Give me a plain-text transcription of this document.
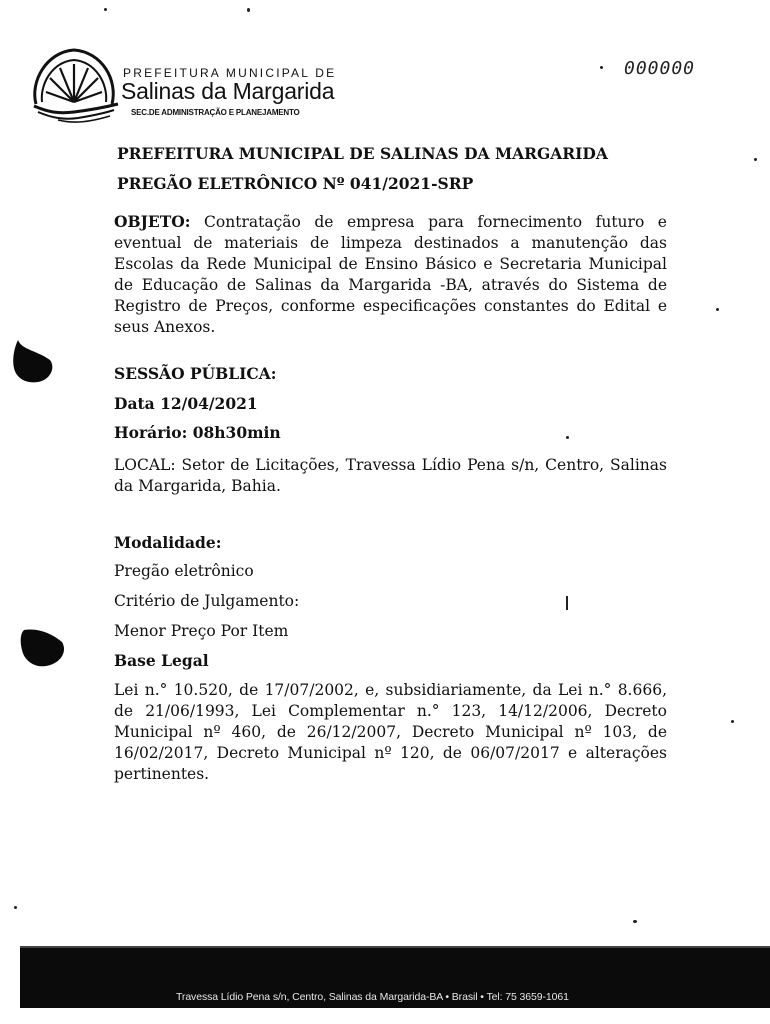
PREFEITURA MUNICIPAL DE
Salinas da Margarida
SEC.DE ADMINISTRAÇÃO E PLANEJAMENTO
000000
PREFEITURA MUNICIPAL DE SALINAS DA MARGARIDA
PREGÃO ELETRÔNICO Nº 041/2021-SRP
OBJETO: Contratação de empresa para fornecimento futuro e eventual de materiais de limpeza destinados a manutenção das Escolas da Rede Municipal de Ensino Básico e Secretaria Municipal de Educação de Salinas da Margarida -BA, através do Sistema de Registro de Preços, conforme especificações constantes do Edital e seus Anexos.
SESSÃO PÚBLICA:
Data 12/04/2021
Horário: 08h30min
LOCAL: Setor de Licitações, Travessa Lídio Pena s/n, Centro, Salinas da Margarida, Bahia.
Modalidade:
Pregão eletrônico
Critério de Julgamento:
Menor Preço Por Item
Base Legal
Lei n.° 10.520, de 17/07/2002, e, subsidiariamente, da Lei n.° 8.666, de 21/06/1993, Lei Complementar n.° 123, 14/12/2006, Decreto Municipal nº 460, de 26/12/2007, Decreto Municipal nº 103, de 16/02/2017, Decreto Municipal nº 120, de 06/07/2017 e alterações pertinentes.
Travessa Lídio Pena s/n, Centro, Salinas da Margarida-BA • Brasil • Tel: 75 3659-1061
